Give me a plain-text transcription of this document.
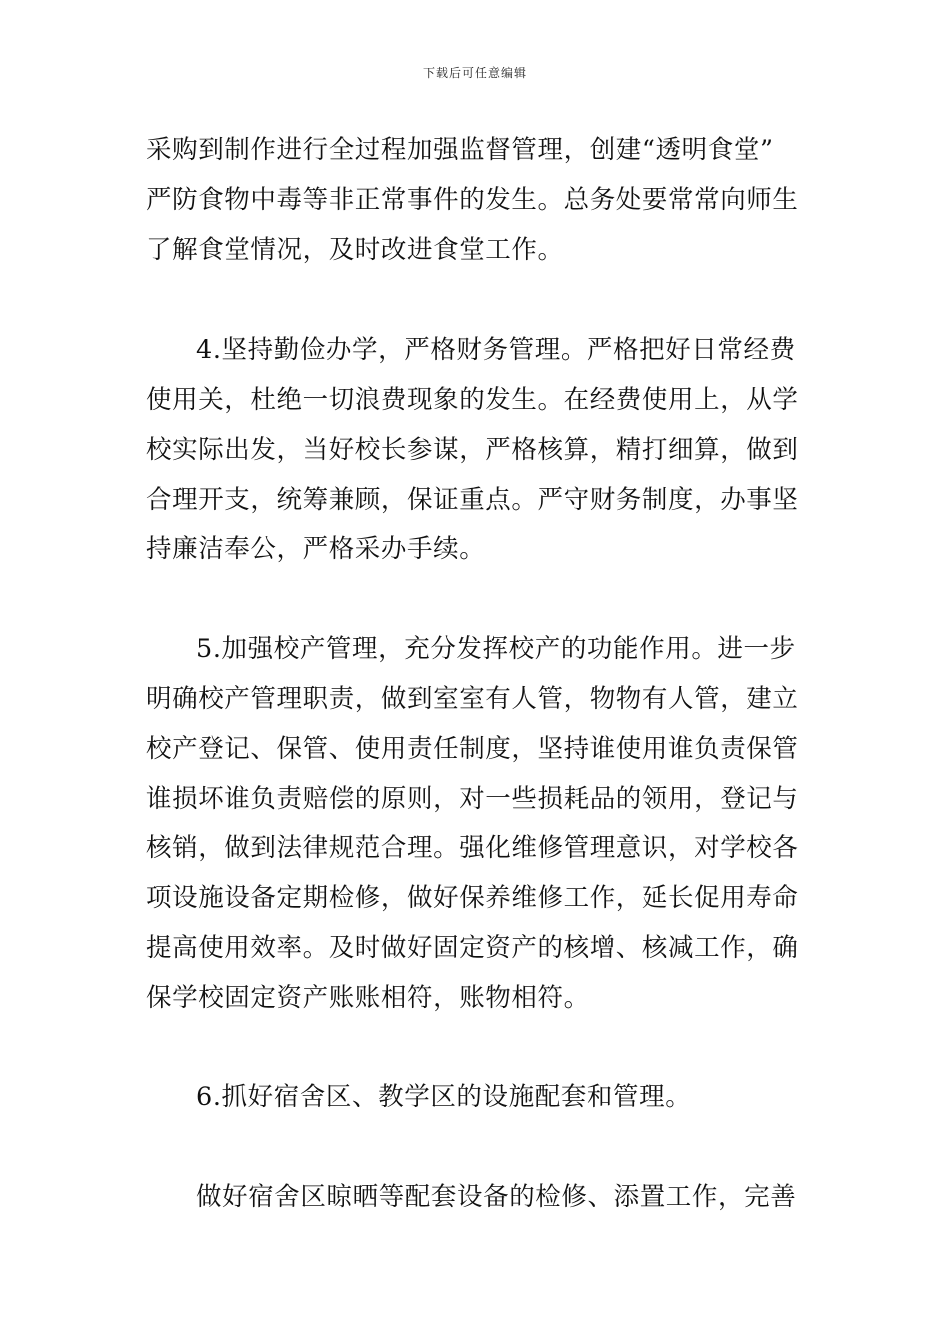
下载后可任意编辑
采购到制作进行全过程加强监督管理，创建“透明食堂”
严防食物中毒等非正常事件的发生。总务处要常常向师生
了解食堂情况，及时改进食堂工作。
4.坚持勤俭办学，严格财务管理。严格把好日常经费
使用关，杜绝一切浪费现象的发生。在经费使用上，从学
校实际出发，当好校长参谋，严格核算，精打细算，做到
合理开支，统筹兼顾，保证重点。严守财务制度，办事坚
持廉洁奉公，严格采办手续。
5.加强校产管理，充分发挥校产的功能作用。进一步
明确校产管理职责，做到室室有人管，物物有人管，建立
校产登记、保管、使用责任制度，坚持谁使用谁负责保管
谁损坏谁负责赔偿的原则，对一些损耗品的领用，登记与
核销，做到法律规范合理。强化维修管理意识，对学校各
项设施设备定期检修，做好保养维修工作，延长促用寿命
提高使用效率。及时做好固定资产的核增、核减工作，确
保学校固定资产账账相符，账物相符。
6.抓好宿舍区、教学区的设施配套和管理。
做好宿舍区晾晒等配套设备的检修、添置工作，完善
